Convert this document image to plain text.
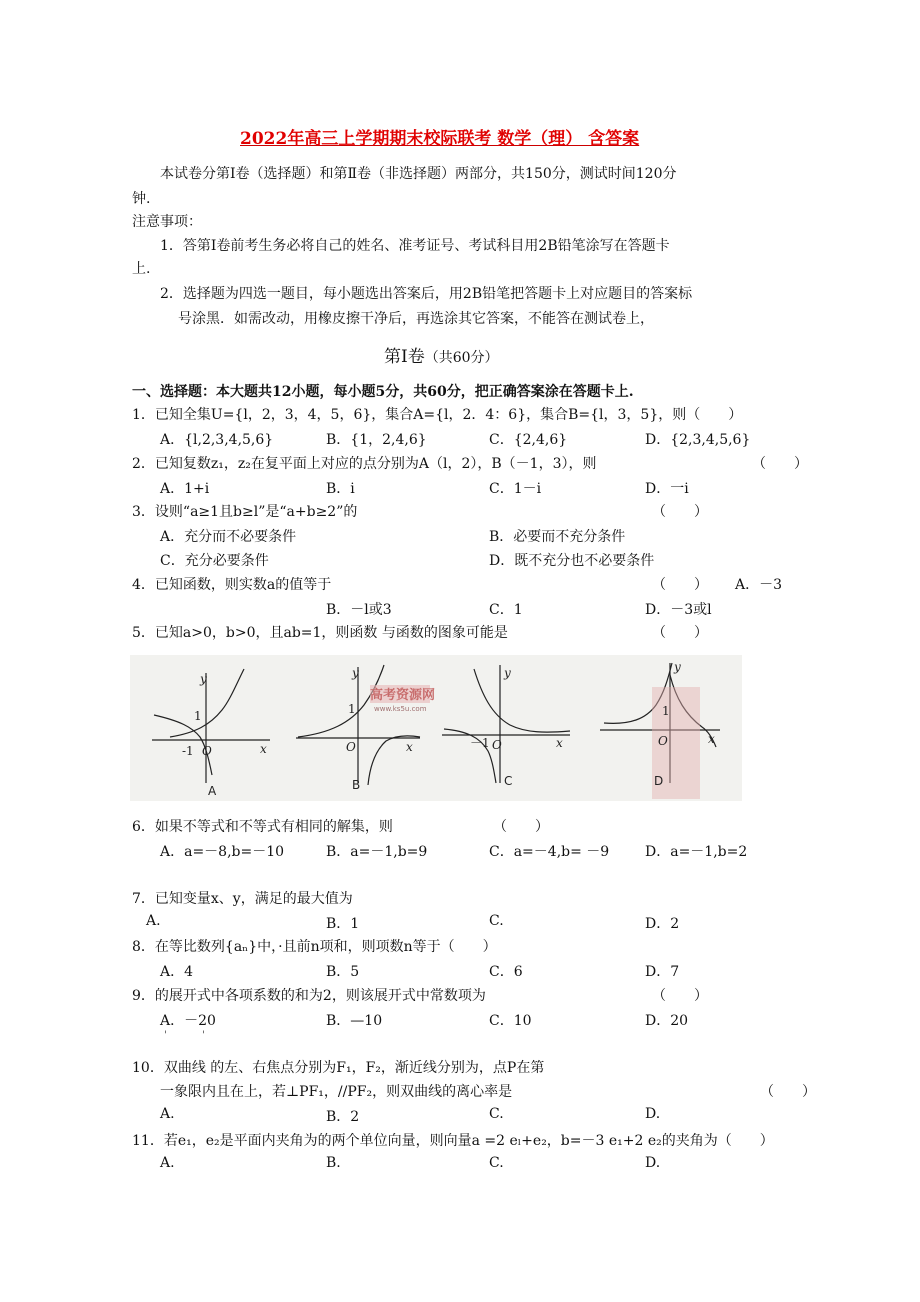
2022年高三上学期期末校际联考 数学（理） 含答案
本试卷分第Ⅰ卷（选择题）和第Ⅱ卷（非选择题）两部分，共150分，测试时间120分
钟.
注意事项：
1．答第Ⅰ卷前考生务必将自己的姓名、准考证号、考试科目用2B铅笔涂写在答题卡
上.
2．选择题为四选一题目，每小题选出答案后，用2B铅笔把答题卡上对应题目的答案标
号涂黑．如需改动，用橡皮擦干净后，再选涂其它答案，不能答在测试卷上，
第Ⅰ卷（共60分）
一、选择题：本大题共12小题，每小题5分，共60分，把正确答案涂在答题卡上.
1．已知全集U={l，2，3，4，5，6}，集合A={l，2．4：6}，集合B={l，3，5}，则（　　）
A．{l,2,3,4,5,6}	B．{1，2,4,6}	C．{2,4,6}	D．{2,3,4,5,6}
2．已知复数z₁，z₂在复平面上对应的点分别为A（l，2），B（－1，3），则	（　　）
A．1+i	B．i	C．1－i	D．一i
3．设则“a≥1且b≥l”是“a+b≥2”的	（　　）
A．充分而不必要条件	B．必要而不充分条件
C．充分必要条件	D．既不充分也不必要条件
4．已知函数，则实数a的值等于	（　　） A．－3
B．－l或3	C．1	D．－3或l
5．已知a>0，b>0，且ab=1，则函数 与函数的图象可能是	（　　）
y
x
O
1
-1
y
x
O
1
y
x
O
－1
y
x
O
1
高考资源网
www.ks5u.com
A	B	C	D
6．如果不等式和不等式有相同的解集，则	（　　）
A．a=－8,b=－10	B．a=－1,b=9	C．a=－4,b= －9	D．a=－1,b=2
7．已知变量x、y，满足的最大值为
A.	B．1	C.	D．2
8．在等比数列{aₙ}中，·且前n项和，则项数n等于（　　）
A．4	B．5	C．6	D．7
9．的展开式中各项系数的和为2，则该展开式中常数项为	（　　）
A．－20	B．—10	C．10	D．20
'	'
10．双曲线 的左、右焦点分别为F₁，F₂，渐近线分别为，点P在第
一象限内且在上，若⊥PF₁，//PF₂，则双曲线的离心率是	（　　）
A.	B．2	C.	D.
11．若e₁，e₂是平面内夹角为的两个单位向量，则向量a =2 eₗ+e₂，b=－3 e₁+2 e₂的夹角为（　　）
A.	B.	C.	D.
